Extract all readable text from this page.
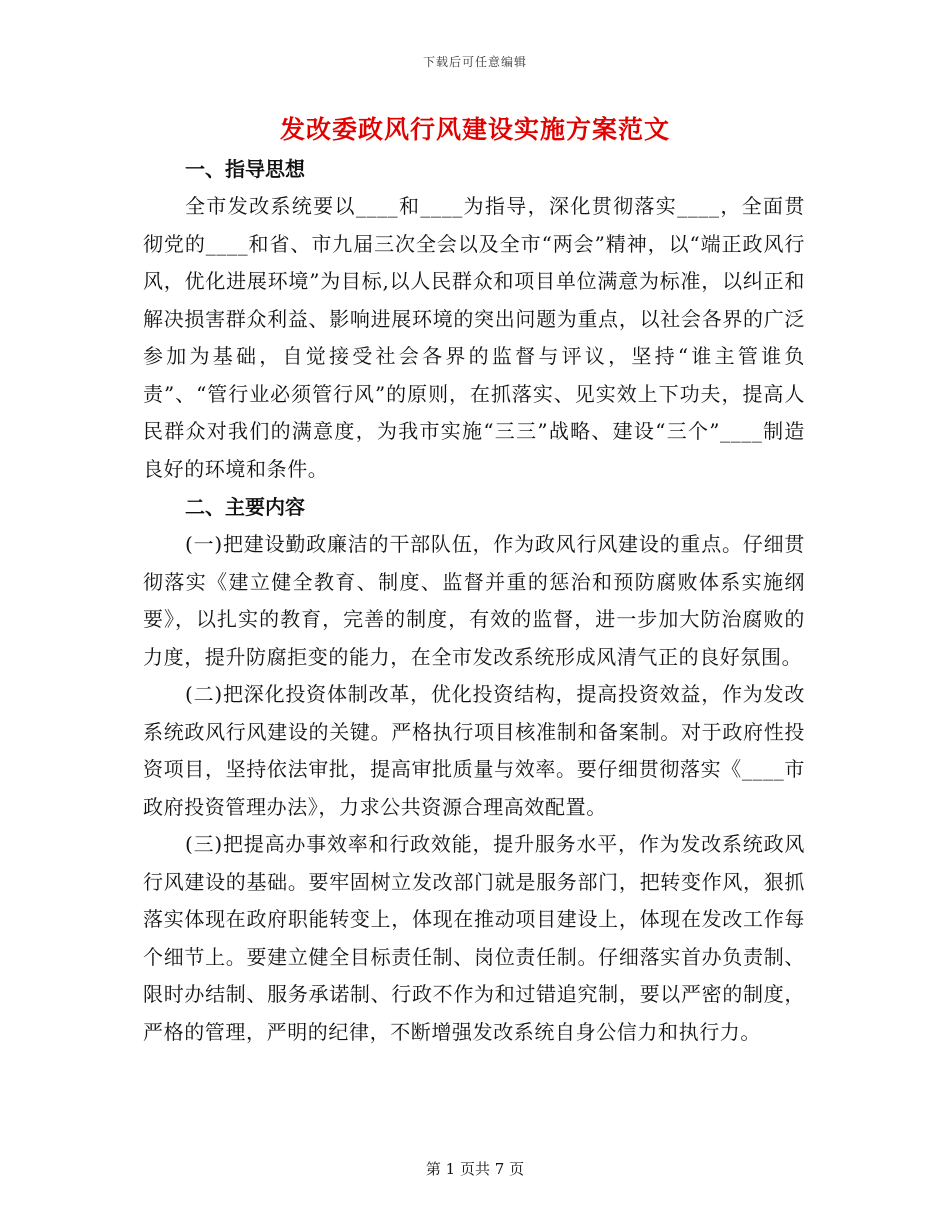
下载后可任意编辑
发改委政风行风建设实施方案范文

一、指导思想

全市发改系统要以____和____为指导，深化贯彻落实____，全面贯彻党的____和省、市九届三次全会以及全市“两会”精神，以“端正政风行风，优化进展环境”为目标,以人民群众和项目单位满意为标准，以纠正和解决损害群众利益、影响进展环境的突出问题为重点，以社会各界的广泛参加为基础，自觉接受社会各界的监督与评议，坚持“谁主管谁负责”、“管行业必须管行风”的原则，在抓落实、见实效上下功夫，提高人民群众对我们的满意度，为我市实施“三三”战略、建设“三个”____制造良好的环境和条件。

二、主要内容

(一)把建设勤政廉洁的干部队伍，作为政风行风建设的重点。仔细贯彻落实《建立健全教育、制度、监督并重的惩治和预防腐败体系实施纲要》，以扎实的教育，完善的制度，有效的监督，进一步加大防治腐败的力度，提升防腐拒变的能力，在全市发改系统形成风清气正的良好氛围。

(二)把深化投资体制改革，优化投资结构，提高投资效益，作为发改系统政风行风建设的关键。严格执行项目核准制和备案制。对于政府性投资项目，坚持依法审批，提高审批质量与效率。要仔细贯彻落实《____市政府投资管理办法》，力求公共资源合理高效配置。

(三)把提高办事效率和行政效能，提升服务水平，作为发改系统政风行风建设的基础。要牢固树立发改部门就是服务部门，把转变作风，狠抓落实体现在政府职能转变上，体现在推动项目建设上，体现在发改工作每个细节上。要建立健全目标责任制、岗位责任制。仔细落实首办负责制、限时办结制、服务承诺制、行政不作为和过错追究制，要以严密的制度，严格的管理，严明的纪律，不断增强发改系统自身公信力和执行力。

第 1 页共 7 页
